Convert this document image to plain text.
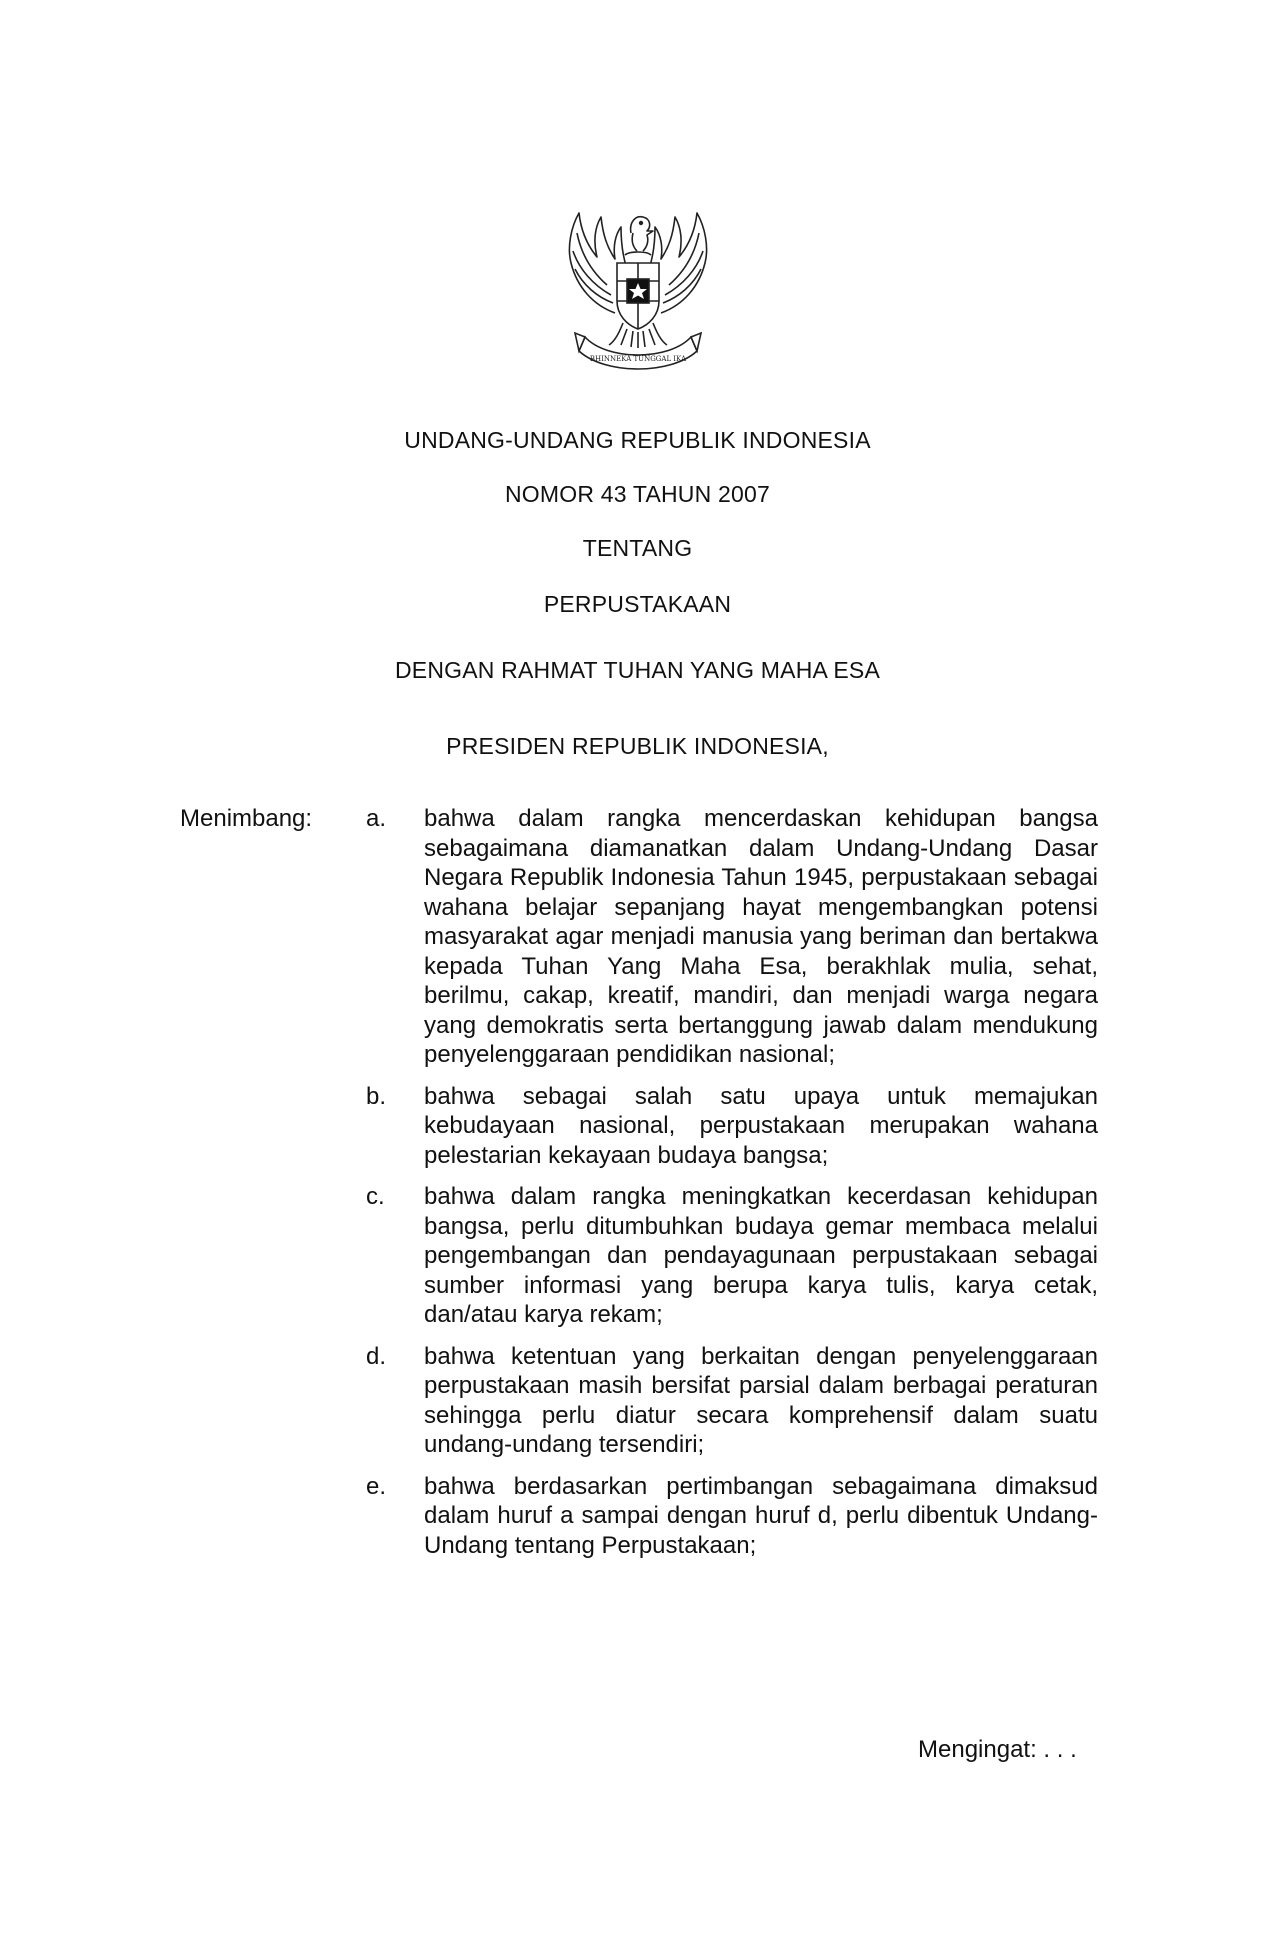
BHINNEKA TUNGGAL IKA
UNDANG-UNDANG REPUBLIK INDONESIA
NOMOR 43 TAHUN 2007
TENTANG
PERPUSTAKAAN
DENGAN RAHMAT TUHAN YANG MAHA ESA
PRESIDEN REPUBLIK INDONESIA,
Menimbang: a. bahwa dalam rangka mencerdaskan kehidupan bangsa sebagaimana diamanatkan dalam Undang-Undang Dasar Negara Republik Indonesia Tahun 1945, perpustakaan sebagai wahana belajar sepanjang hayat mengembangkan potensi masyarakat agar menjadi manusia yang beriman dan bertakwa kepada Tuhan Yang Maha Esa, berakhlak mulia, sehat, berilmu, cakap, kreatif, mandiri, dan menjadi warga negara yang demokratis serta bertanggung jawab dalam mendukung penyelenggaraan pendidikan nasional;
b. bahwa sebagai salah satu upaya untuk memajukan kebudayaan nasional, perpustakaan merupakan wahana pelestarian kekayaan budaya bangsa;
c. bahwa dalam rangka meningkatkan kecerdasan kehidupan bangsa, perlu ditumbuhkan budaya gemar membaca melalui pengembangan dan pendayagunaan perpustakaan sebagai sumber informasi yang berupa karya tulis, karya cetak, dan/atau karya rekam;
d. bahwa ketentuan yang berkaitan dengan penyelenggaraan perpustakaan masih bersifat parsial dalam berbagai peraturan sehingga perlu diatur secara komprehensif dalam suatu undang-undang tersendiri;
e. bahwa berdasarkan pertimbangan sebagaimana dimaksud dalam huruf a sampai dengan huruf d, perlu dibentuk Undang-Undang tentang Perpustakaan;
Mengingat: . . .
